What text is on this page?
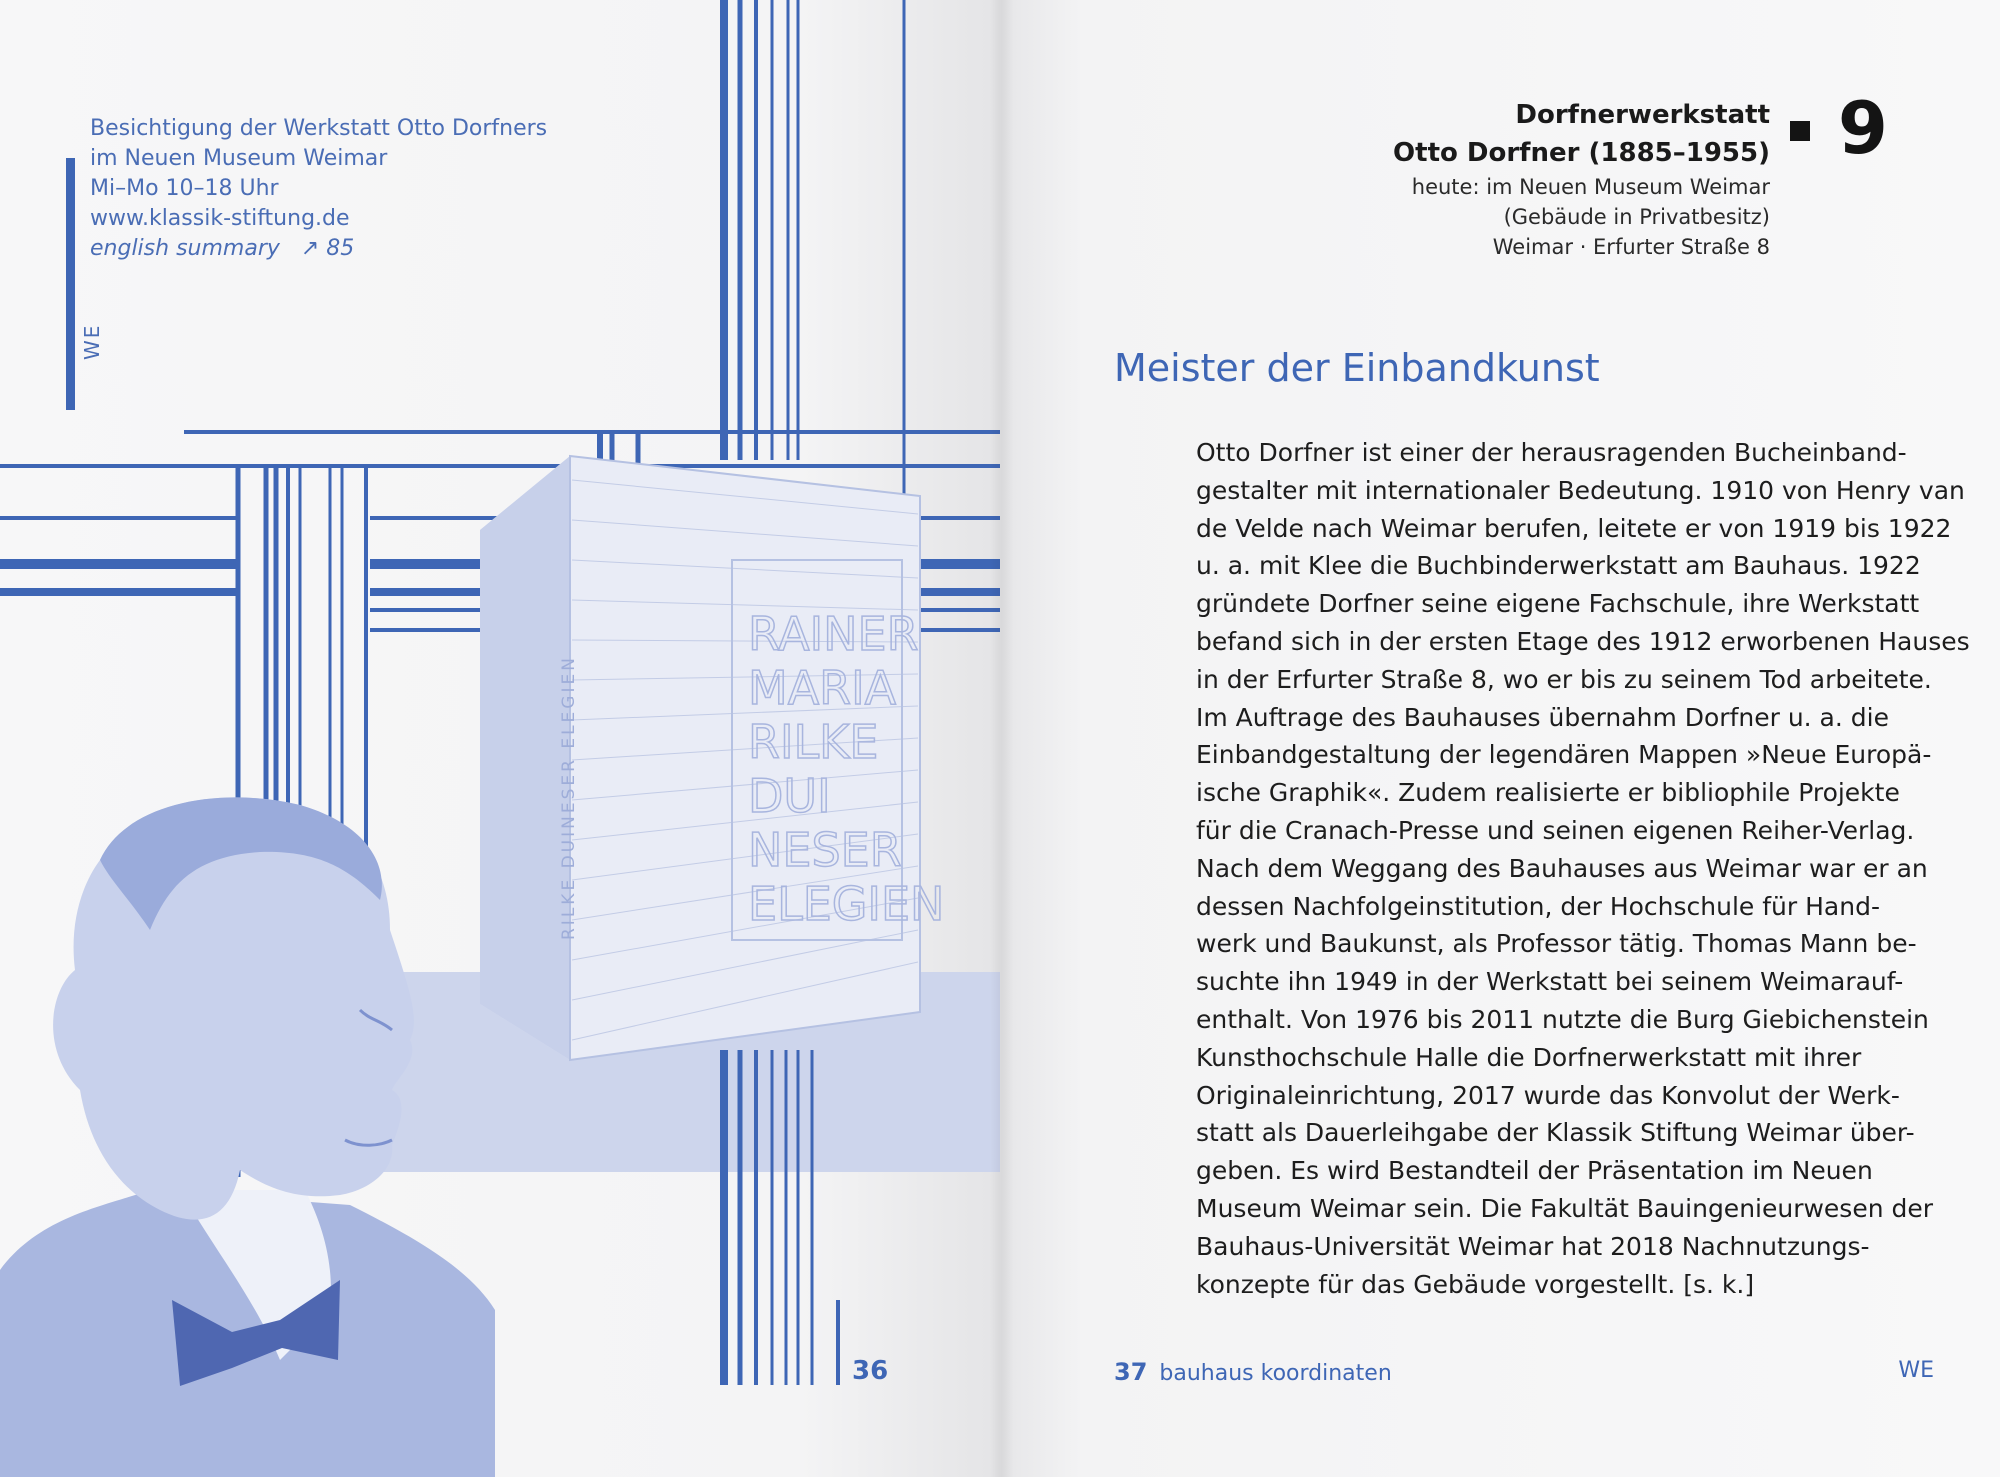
RAINER
MARIA
RILKE
DUI
NESER
ELEGIEN
RILKE DUINESER ELEGIEN
Besichtigung der Werkstatt Otto Dorfners
im Neuen Museum Weimar
Mi–Mo 10–18 Uhr
www.klassik-stiftung.de
english summary ↗ 85
WE
36
Dorfnerwerkstatt
Otto Dorfner (1885–1955)
heute: im Neuen Museum Weimar
(Gebäude in Privatbesitz)
Weimar · Erfurter Straße 8
9
Meister der Einbandkunst
Otto Dorfner ist einer der herausragenden Bucheinband-
gestalter mit internationaler Bedeutung. 1910 von Henry van
de Velde nach Weimar berufen, leitete er von 1919 bis 1922
u. a. mit Klee die Buchbinderwerkstatt am Bauhaus. 1922
gründete Dorfner seine eigene Fachschule, ihre Werkstatt
befand sich in der ersten Etage des 1912 erworbenen Hauses
in der Erfurter Straße 8, wo er bis zu seinem Tod arbeitete.
Im Auftrage des Bauhauses übernahm Dorfner u. a. die
Einbandgestaltung der legendären Mappen »Neue Europä-
ische Graphik«. Zudem realisierte er bibliophile Projekte
für die Cranach-Presse und seinen eigenen Reiher-Verlag.
Nach dem Weggang des Bauhauses aus Weimar war er an
dessen Nachfolgeinstitution, der Hochschule für Hand-
werk und Baukunst, als Professor tätig. Thomas Mann be-
suchte ihn 1949 in der Werkstatt bei seinem Weimarauf-
enthalt. Von 1976 bis 2011 nutzte die Burg Giebichenstein
Kunsthochschule Halle die Dorfnerwerkstatt mit ihrer
Originaleinrichtung, 2017 wurde das Konvolut der Werk-
statt als Dauerleihgabe der Klassik Stiftung Weimar über-
geben. Es wird Bestandteil der Präsentation im Neuen
Museum Weimar sein. Die Fakultät Bauingenieurwesen der
Bauhaus-Universität Weimar hat 2018 Nachnutzungs-
konzepte für das Gebäude vorgestellt. [s. k.]
37 bauhaus koordinaten	WE
